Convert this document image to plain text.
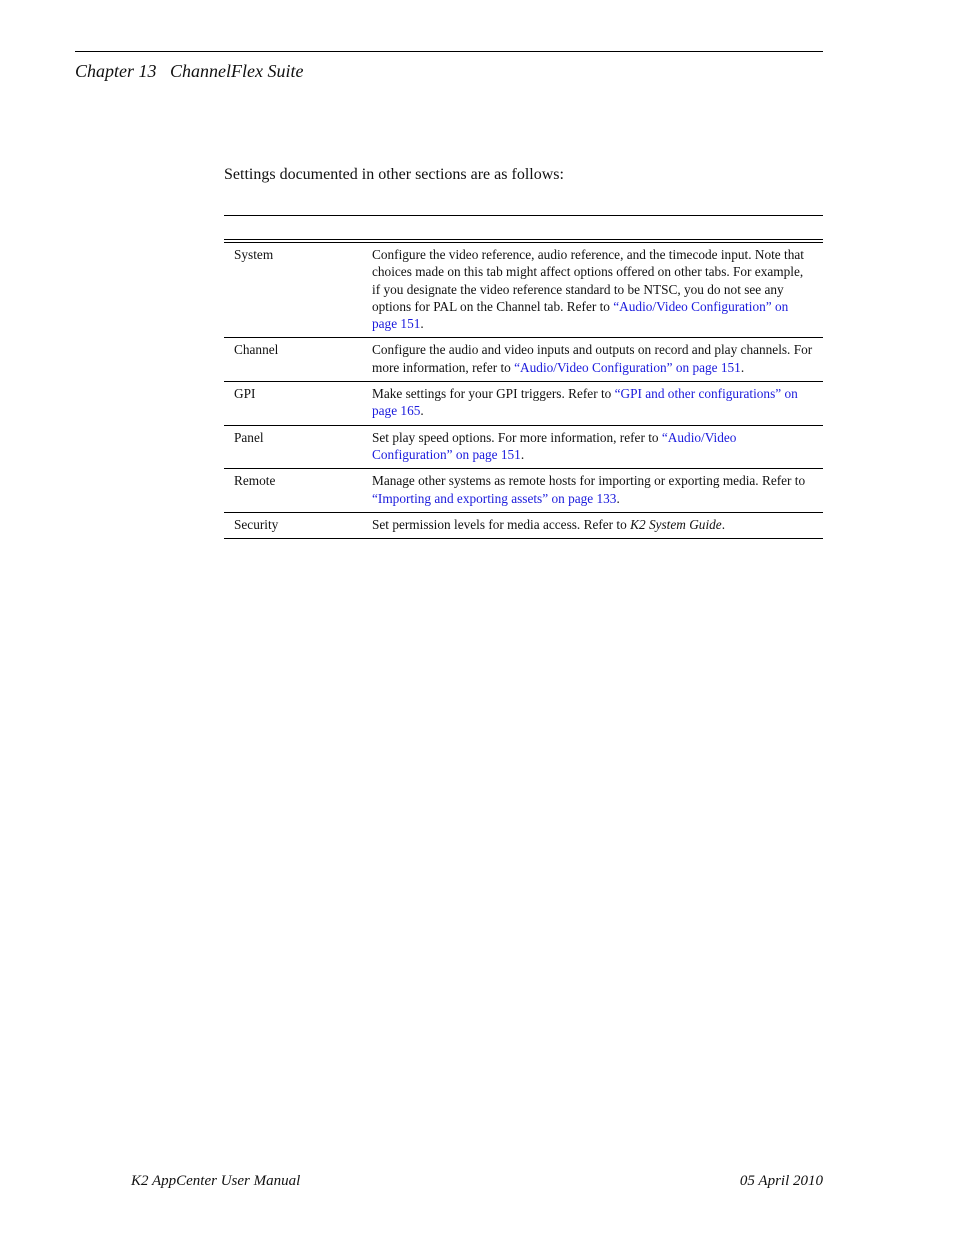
Chapter 13   ChannelFlex Suite
Settings documented in other sections are as follows:
System	Configure the video reference, audio reference, and the timecode input. Note that choices made on this tab might affect options offered on other tabs. For example, if you designate the video reference standard to be NTSC, you do not see any options for PAL on the Channel tab. Refer to “Audio/Video Configuration” on page 151.
Channel	Configure the audio and video inputs and outputs on record and play channels. For more information, refer to “Audio/Video Configuration” on page 151.
GPI	Make settings for your GPI triggers. Refer to “GPI and other configurations” on page 165.
Panel	Set play speed options. For more information, refer to “Audio/Video Configuration” on page 151.
Remote	Manage other systems as remote hosts for importing or exporting media. Refer to “Importing and exporting assets” on page 133.
Security	Set permission levels for media access. Refer to K2 System Guide.
K2 AppCenter User Manual	05 April 2010
